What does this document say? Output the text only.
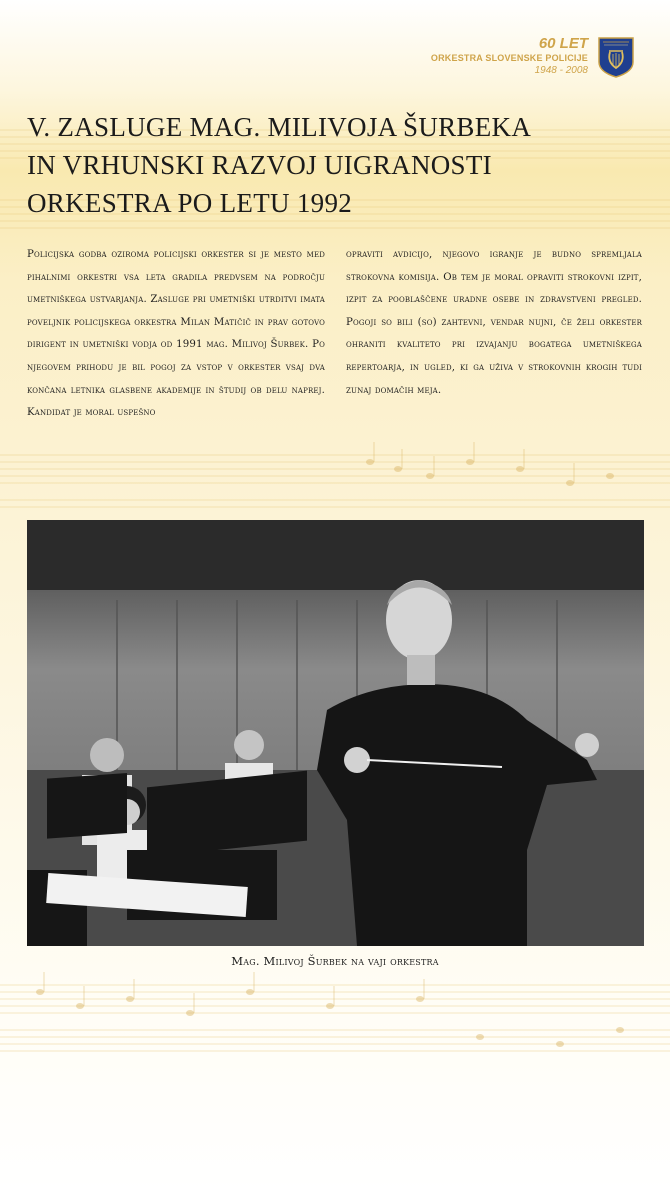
60 LET
ORKESTRA SLOVENSKE POLICIJE
1948 - 2008
V. ZASLUGE MAG. MILIVOJA ŠURBEKA
IN VRHUNSKI RAZVOJ UIGRANOSTI
ORKESTRA PO LETU 1992
Policijska godba oziroma policijski orkester si je mesto med pihalnimi orkestri vsa leta gradila predvsem na področju umetniškega ustvarjanja. Zasluge pri umetniški utrditvi imata poveljnik policijskega orkestra Milan Matičič in prav gotovo dirigent in umetniški vodja od 1991 mag. Milivoj Šurbek. Po njegovem prihodu je bil pogoj za vstop v orkester vsaj dva končana letnika glasbene akademije in študij ob delu naprej. Kandidat je moral uspešno
opraviti avdicijo, njegovo igranje je budno spremljala strokovna komisija. Ob tem je moral opraviti strokovni izpit, izpit za pooblaščene uradne osebe in zdravstveni pregled. Pogoji so bili (so) zahtevni, vendar nujni, če želi orkester ohraniti kvaliteto pri izvajanju bogatega umetniškega repertoarja, in ugled, ki ga uživa v strokovnih krogih tudi zunaj domačih meja.
Mag. Milivoj Šurbek na vaji orkestra
